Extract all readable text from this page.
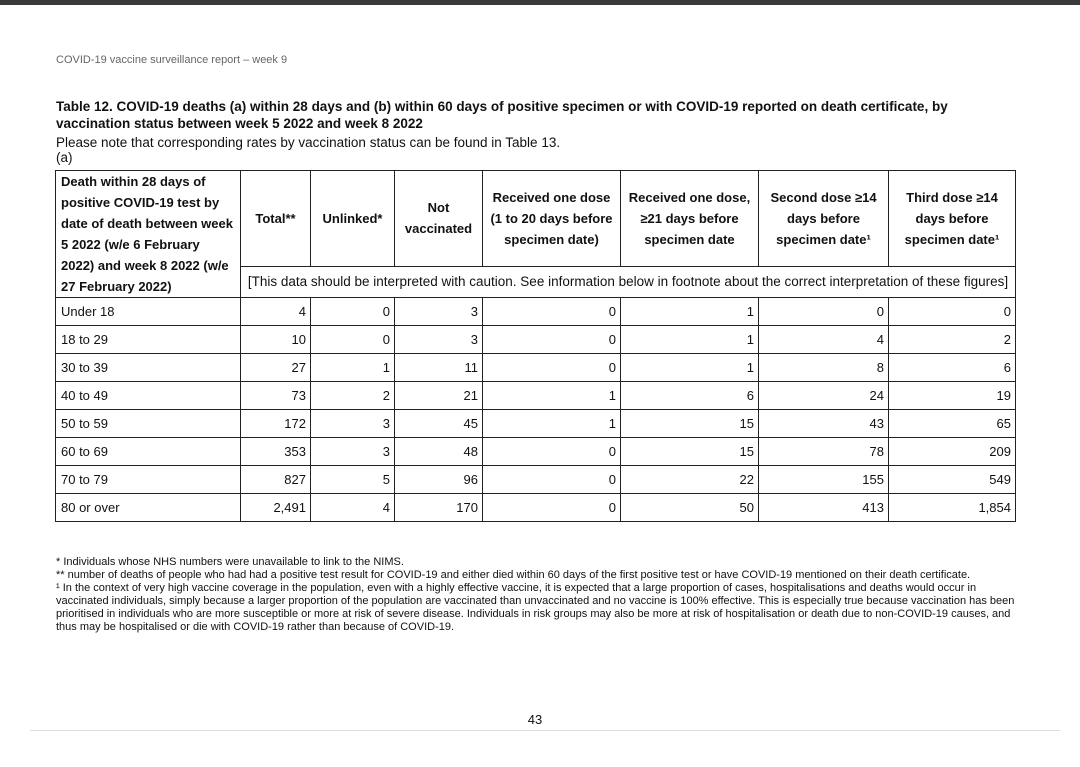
COVID-19 vaccine surveillance report – week 9
Table 12. COVID-19 deaths (a) within 28 days and (b) within 60 days of positive specimen or with COVID-19 reported on death certificate, by vaccination status between week 5 2022 and week 8 2022
Please note that corresponding rates by vaccination status can be found in Table 13.
(a)
Death within 28 days of positive COVID-19 test by date of death between week 5 2022 (w/e 6 February 2022) and week 8 2022 (w/e 27 February 2022)	Total**	Unlinked*	Not vaccinated	Received one dose (1 to 20 days before specimen date)	Received one dose, ≥21 days before specimen date	Second dose ≥14 days before specimen date¹	Third dose ≥14 days before specimen date¹
	[This data should be interpreted with caution. See information below in footnote about the correct interpretation of these figures]						

Under 18	4	0	3	0	1	0	0
18 to 29	10	0	3	0	1	4	2
30 to 39	27	1	11	0	1	8	6
40 to 49	73	2	21	1	6	24	19
50 to 59	172	3	45	1	15	43	65
60 to 69	353	3	48	0	15	78	209
70 to 79	827	5	96	0	22	155	549
80 or over	2,491	4	170	0	50	413	1,854

* Individuals whose NHS numbers were unavailable to link to the NIMS.

** number of deaths of people who had had a positive test result for COVID-19 and either died within 60 days of the first positive test or have COVID-19 mentioned on their death certificate.

¹ In the context of very high vaccine coverage in the population, even with a highly effective vaccine, it is expected that a large proportion of cases, hospitalisations and deaths would occur in vaccinated individuals, simply because a larger proportion of the population are vaccinated than unvaccinated and no vaccine is 100% effective. This is especially true because vaccination has been prioritised in individuals who are more susceptible or more at risk of severe disease. Individuals in risk groups may also be more at risk of hospitalisation or death due to non-COVID-19 causes, and thus may be hospitalised or die with COVID-19 rather than because of COVID-19.

43
